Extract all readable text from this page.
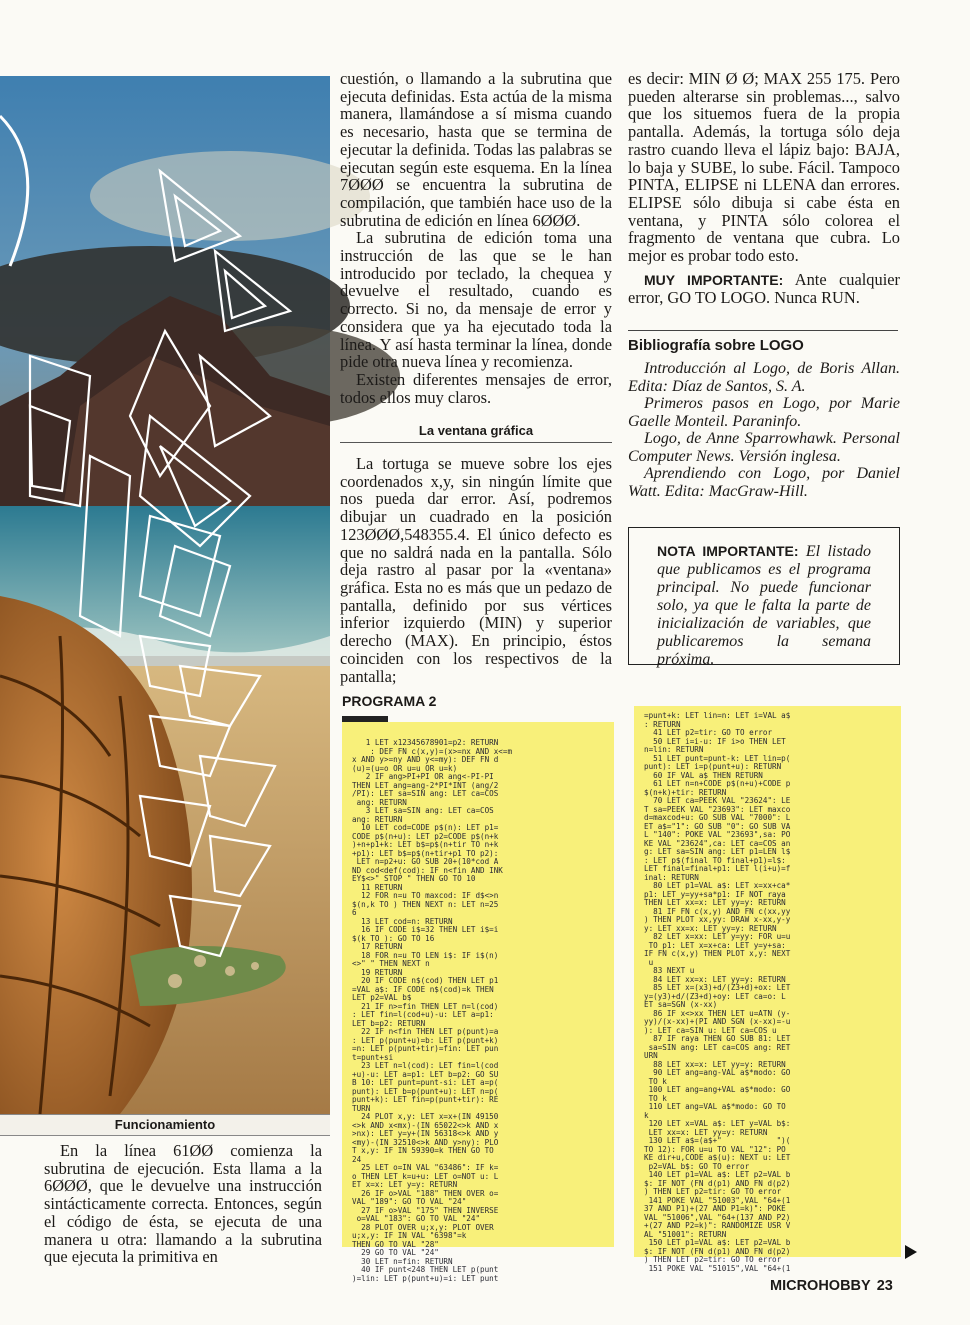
Funcionamiento

En la línea 61ØØ comienza la subrutina de ejecución. Esta llama a la 6ØØØ, que le devuelve una instrucción sintácticamente correcta. Entonces, según el código de ésta, se ejecuta de una manera u otra: llamando a la subrutina que ejecuta la primitiva en

cuestión, o llamando a la subrutina que ejecuta definidas. Esta actúa de la misma manera, llamándose a sí misma cuando es necesario, hasta que se termina de ejecutar la definida. Todas las palabras se ejecutan según este esquema. En la línea 7ØØØ se encuentra la subrutina de compilación, que también hace uso de la subrutina de edición en línea 6ØØØ.

La subrutina de edición toma una instrucción de las que se le han introducido por teclado, la chequea y devuelve el resultado, cuando es correcto. Si no, da mensaje de error y considera que ya ha ejecutado toda la línea. Y así hasta terminar la línea, donde pide otra nueva línea y recomienza.

Existen diferentes mensajes de error, todos ellos muy claros.

La ventana gráfica

La tortuga se mueve sobre los ejes coordenados x,y, sin ningún límite que nos pueda dar error. Así, podremos dibujar un cuadrado en la posición 123ØØØ,548355.4. El único defecto es que no saldrá nada en la pantalla. Sólo deja rastro al pasar por la «ventana» gráfica. Esta no es más que un pedazo de pantalla, definido por sus vértices inferior izquierdo (MIN) y superior derecho (MAX). En principio, éstos coinciden con los respectivos de la pantalla;

es decir: MIN Ø Ø; MAX 255 175. Pero pueden alterarse sin problemas..., salvo que los situemos fuera de la propia pantalla. Además, la tortuga sólo deja rastro cuando lleva el lápiz bajo: BAJA, lo baja y SUBE, lo sube. Fácil. Tampoco PINTA, ELIPSE ni LLENA dan errores. ELIPSE sólo dibuja si cabe ésta en ventana, y PINTA sólo colorea el fragmento de ventana que cubra. Lo mejor es probar todo esto.

MUY IMPORTANTE: Ante cualquier error, GO TO LOGO. Nunca RUN.

Bibliografía sobre LOGO

Introducción al Logo, de Boris Allan. Edita: Díaz de Santos, S. A.

Primeros pasos en Logo, por Marie Gaelle Monteil. Paraninfo.

Logo, de Anne Sparrowhawk. Personal Computer News. Versión inglesa.

Aprendiendo con Logo, por Daniel Watt. Edita: MacGraw-Hill.

NOTA IMPORTANTE: El listado que publicamos es el programa principal. No puede funcionar solo, ya que le falta la parte de inicialización de variables, que publicaremos la semana próxima.
PROGRAMA 2
1 LET x12345678901=p2: RETURN
: DEF FN c(x,y)=(x>=nx AND x<=m
x AND y>=ny AND y<=my): DEF FN d
(u)=(u=o OR u=u OR u=k)
2 IF ang>PI+PI OR ang<-PI-PI
THEN LET ang=ang-2*PI*INT (ang/2
/PI): LET sa=SIN ang: LET ca=COS
ang: RETURN
3 LET sa=SIN ang: LET ca=COS
ang: RETURN
10 LET cod=CODE p$(n): LET p1=
CODE p$(n+u): LET p2=CODE p$(n+k
)+n+p1+k: LET b$=p$(n+tir TO n+k
+p1): LET b$=p$(n+tir+p1 TO p2):
LET n=p2+u: GO SUB 20+(10*cod A
ND cod<def(cod): IF n<fin AND INK
EY$<>" STOP " THEN GO TO 10
11 RETURN
12 FOR n=u TO maxcod: IF d$<>n
$(n,k TO ) THEN NEXT n: LET n=25
6
13 LET cod=n: RETURN
16 IF CODE i$=32 THEN LET i$=i
$(k TO ): GO TO 16
17 RETURN
18 FOR n=u TO LEN i$: IF i$(n)
<>" " THEN NEXT n
19 RETURN
20 IF CODE n$(cod) THEN LET p1
=VAL a$: IF CODE n$(cod)=k THEN
LET p2=VAL b$
21 IF n>=fin THEN LET n=l(cod)
: LET fin=l(cod+u)-u: LET a=p1:
LET b=p2: RETURN
22 IF n<fin THEN LET p(punt)=a
: LET p(punt+u)=b: LET p(punt+k)
=n: LET p(punt+tir)=fin: LET pun
t=punt+si
23 LET n=l(cod): LET fin=l(cod
+u)-u: LET a=p1: LET b=p2: GO SU
B 10: LET punt=punt-si: LET a=p(
punt): LET b=p(punt+u): LET n=p(
punt+k): LET fin=p(punt+tir): RE
TURN
24 PLOT x,y: LET x=x+(IN 49150
<>k AND x<mx)-(IN 65022<>k AND x
>nx): LET y=y+(IN 56318<>k AND y
<my)-(IN 32510<>k AND y>ny): PLO
T x,y: IF IN 59390=k THEN GO TO
24
25 LET o=IN VAL "63486": IF k=
o THEN LET k=u+u: LET o=NOT u: L
ET x=x: LET y=y: RETURN
26 IF o>VAL "188" THEN OVER o=
VAL "189": GO TO VAL "24"
27 IF o>VAL "175" THEN INVERSE
o=VAL "183": GO TO VAL "24"
28 PLOT OVER u;x,y: PLOT OVER
u;x,y: IF IN VAL "6398"=k
THEN GO TO VAL "28"
29 GO TO VAL "24"
30 LET n=fin: RETURN
40 IF punt<248 THEN LET p(punt
)=lin: LET p(punt+u)=i: LET punt
=punt+k: LET lin=n: LET i=VAL a$
: RETURN
41 LET p2=tir: GO TO error
50 LET i=i-u: IF i>o THEN LET
n=lin: RETURN
51 LET punt=punt-k: LET lin=p(
punt): LET i=p(punt+u): RETURN
60 IF VAL a$ THEN RETURN
61 LET n=n+CODE p$(n+u)+CODE p
$(n+k)+tir: RETURN
70 LET ca=PEEK VAL "23624": LE
T sa=PEEK VAL "23693": LET maxco
d=maxcod+u: GO SUB VAL "7000": L
ET a$="1": GO SUB "0": GO SUB VA
L "140": POKE VAL "23693",sa: PO
KE VAL "23624",ca: LET ca=COS an
g: LET sa=SIN ang: LET p1=LEN l$
: LET p$(final TO final+p1)=l$:
LET final=final+p1: LET l(i+u)=f
inal: RETURN
80 LET p1=VAL a$: LET x=xx+ca*
p1: LET y=yy+sa*p1: IF NOT raya
THEN LET xx=x: LET yy=y: RETURN
81 IF FN c(x,y) AND FN c(xx,yy
) THEN PLOT xx,yy: DRAW x-xx,y-y
y: LET xx=x: LET yy=y: RETURN
82 LET x=xx: LET y=yy: FOR u=u
TO p1: LET x=x+ca: LET y=y+sa:
IF FN c(x,y) THEN PLOT x,y: NEXT
u
83 NEXT u
84 LET xx=x: LET yy=y: RETURN
85 LET x=(x3)+d/(Z3+d)+ox: LET
y=(y3)+d/(Z3+d)+oy: LET ca=o: L
ET sa=SGN (x-xx)
86 IF x<>xx THEN LET u=ATN (y-
yy)/(x-xx)+(PI AND SGN (x-xx)=-u
): LET ca=SIN u: LET ca=COS u
87 IF raya THEN GO SUB 81: LET
sa=SIN ang: LET ca=COS ang: RET
URN
88 LET xx=x: LET yy=y: RETURN
90 LET ang=ang-VAL a$*modo: GO
TO k
100 LET ang=ang+VAL a$*modo: GO
TO k
110 LET ang=VAL a$*modo: GO TO
k
120 LET x=VAL a$: LET y=VAL b$:
LET xx=x: LET yy=y: RETURN
130 LET a$=(a$+"            ")(
TO 12): FOR u=u TO VAL "12": PO
KE dir+u,CODE a$(u): NEXT u: LET
p2=VAL b$: GO TO error
140 LET p1=VAL a$: LET p2=VAL b
$: IF NOT (FN d(p1) AND FN d(p2)
) THEN LET p2=tir: GO TO error
141 POKE VAL "51003",VAL "64+(1
37 AND P1)+(27 AND P1=k)": POKE
VAL "51006",VAL "64+(137 AND P2)
+(27 AND P2=k)": RANDOMIZE USR V
AL "51001": RETURN
150 LET p1=VAL a$: LET p2=VAL b
$: IF NOT (FN d(p1) AND FN d(p2)
) THEN LET p2=tir: GO TO error
151 POKE VAL "51015",VAL "64+(1
MICROHOBBY 23
